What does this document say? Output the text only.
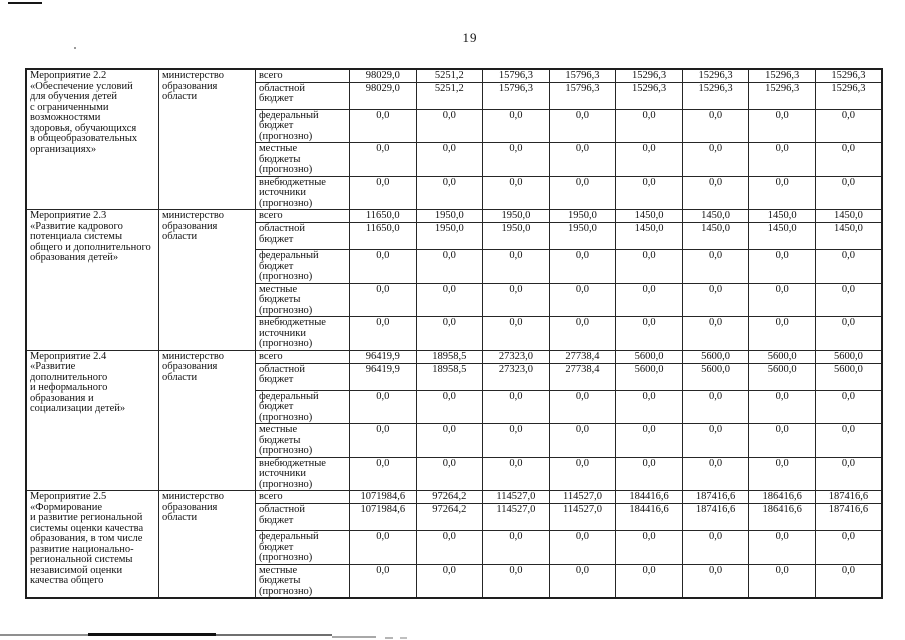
19
Мероприятие 2.2
«Обеспечение условий
для обучения детей
с ограниченными
возможностями
здоровья, обучающихся
в общеобразовательных
организациях»	министерство
образования
области	всего	98029,0	5251,2	15796,3	15796,3	15296,3	15296,3	15296,3	15296,3
		областной
бюджет	98029,0	5251,2	15796,3	15796,3	15296,3	15296,3	15296,3	15296,3
		федеральный
бюджет
(прогнозно)	0,0	0,0	0,0	0,0	0,0	0,0	0,0	0,0
		местные
бюджеты
(прогнозно)	0,0	0,0	0,0	0,0	0,0	0,0	0,0	0,0
		внебюджетные
источники
(прогнозно)	0,0	0,0	0,0	0,0	0,0	0,0	0,0	0,0
Мероприятие 2.3
«Развитие кадрового
потенциала системы
общего и дополнительного
образования детей»	министерство
образования
области	всего	11650,0	1950,0	1950,0	1950,0	1450,0	1450,0	1450,0	1450,0
		областной
бюджет	11650,0	1950,0	1950,0	1950,0	1450,0	1450,0	1450,0	1450,0
		федеральный
бюджет
(прогнозно)	0,0	0,0	0,0	0,0	0,0	0,0	0,0	0,0
		местные
бюджеты
(прогнозно)	0,0	0,0	0,0	0,0	0,0	0,0	0,0	0,0
		внебюджетные
источники
(прогнозно)	0,0	0,0	0,0	0,0	0,0	0,0	0,0	0,0
Мероприятие 2.4
«Развитие
дополнительного
и неформального
образования и
социализации детей»	министерство
образования
области	всего	96419,9	18958,5	27323,0	27738,4	5600,0	5600,0	5600,0	5600,0
		областной
бюджет	96419,9	18958,5	27323,0	27738,4	5600,0	5600,0	5600,0	5600,0
		федеральный
бюджет
(прогнозно)	0,0	0,0	0,0	0,0	0,0	0,0	0,0	0,0
		местные
бюджеты
(прогнозно)	0,0	0,0	0,0	0,0	0,0	0,0	0,0	0,0
		внебюджетные
источники
(прогнозно)	0,0	0,0	0,0	0,0	0,0	0,0	0,0	0,0
Мероприятие 2.5
«Формирование
и развитие региональной
системы оценки качества
образования, в том числе
развитие национально-
региональной системы
независимой оценки
качества общего	министерство
образования
области	всего	1071984,6	97264,2	114527,0	114527,0	184416,6	187416,6	186416,6	187416,6
		областной
бюджет	1071984,6	97264,2	114527,0	114527,0	184416,6	187416,6	186416,6	187416,6
		федеральный
бюджет
(прогнозно)	0,0	0,0	0,0	0,0	0,0	0,0	0,0	0,0
		местные
бюджеты
(прогнозно)	0,0	0,0	0,0	0,0	0,0	0,0	0,0	0,0
